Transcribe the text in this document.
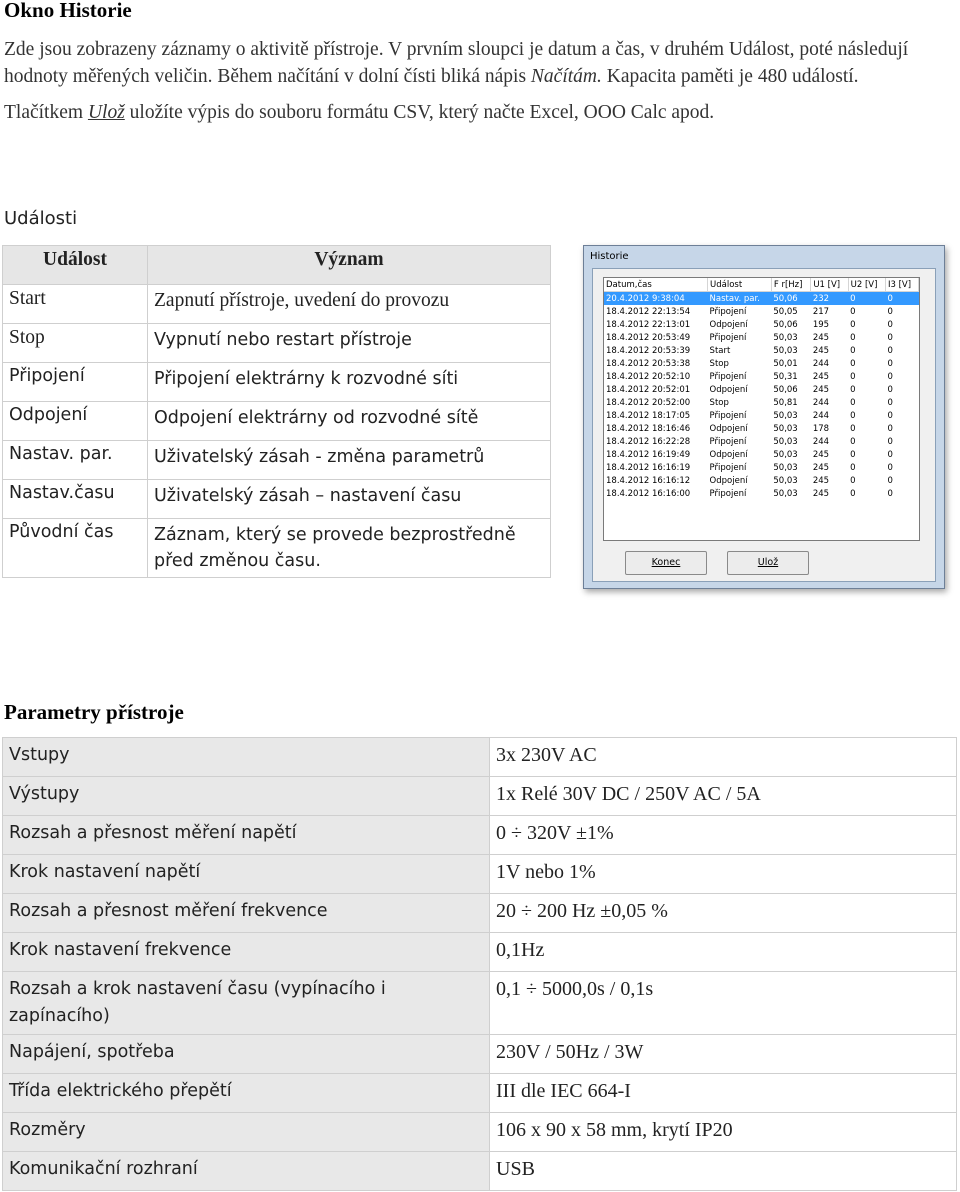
Okno Historie

Zde jsou zobrazeny záznamy o aktivitě přístroje. V prvním sloupci je datum a čas, v druhém Událost, poté následují hodnoty měřených veličin. Během načítání v dolní čísti bliká nápis Načítám. Kapacita paměti je 480 událostí.

Tlačítkem Ulož uložíte výpis do souboru formátu CSV, který načte Excel, OOO Calc apod.

Události
Událost	Význam
Start	Zapnutí přístroje, uvedení do provozu
Stop	Vypnutí nebo restart přístroje
Připojení	Připojení elektrárny k rozvodné síti
Odpojení	Odpojení elektrárny od rozvodné sítě
Nastav. par.	Uživatelský zásah - změna parametrů
Nastav.času	Uživatelský zásah – nastavení času
Původní čas	Záznam, který se provede bezprostředně před změnou času.
Historie
Datum,čas	Událost	F r[Hz]	U1 [V]	U2 [V]	I3 [V]
20.4.2012 9:38:04	Nastav. par.	50,06	232	0	0
18.4.2012 22:13:54	Připojení	50,05	217	0	0
18.4.2012 22:13:01	Odpojení	50,06	195	0	0
18.4.2012 20:53:49	Připojení	50,03	245	0	0
18.4.2012 20:53:39	Start	50,03	245	0	0
18.4.2012 20:53:38	Stop	50,01	244	0	0
18.4.2012 20:52:10	Připojení	50,31	245	0	0
18.4.2012 20:52:01	Odpojení	50,06	245	0	0
18.4.2012 20:52:00	Stop	50,81	244	0	0
18.4.2012 18:17:05	Připojení	50,03	244	0	0
18.4.2012 18:16:46	Odpojení	50,03	178	0	0
18.4.2012 16:22:28	Připojení	50,03	244	0	0
18.4.2012 16:19:49	Odpojení	50,03	245	0	0
18.4.2012 16:16:19	Připojení	50,03	245	0	0
18.4.2012 16:16:12	Odpojení	50,03	245	0	0
18.4.2012 16:16:00	Připojení	50,03	245	0	0
Konec	Ulož
Parametry přístroje
Vstupy	3x 230V AC
Výstupy	1x Relé 30V DC / 250V AC / 5A
Rozsah a přesnost měření napětí	0 ÷ 320V ±1%
Krok nastavení napětí	1V nebo 1%
Rozsah a přesnost měření frekvence	20 ÷ 200 Hz ±0,05 %
Krok nastavení frekvence	0,1Hz
Rozsah a krok nastavení času (vypínacího i zapínacího)	0,1 ÷ 5000,0s / 0,1s
Napájení, spotřeba	230V / 50Hz / 3W
Třída elektrického přepětí	III dle IEC 664-I
Rozměry	106 x 90 x 58 mm, krytí IP20
Komunikační rozhraní	USB
